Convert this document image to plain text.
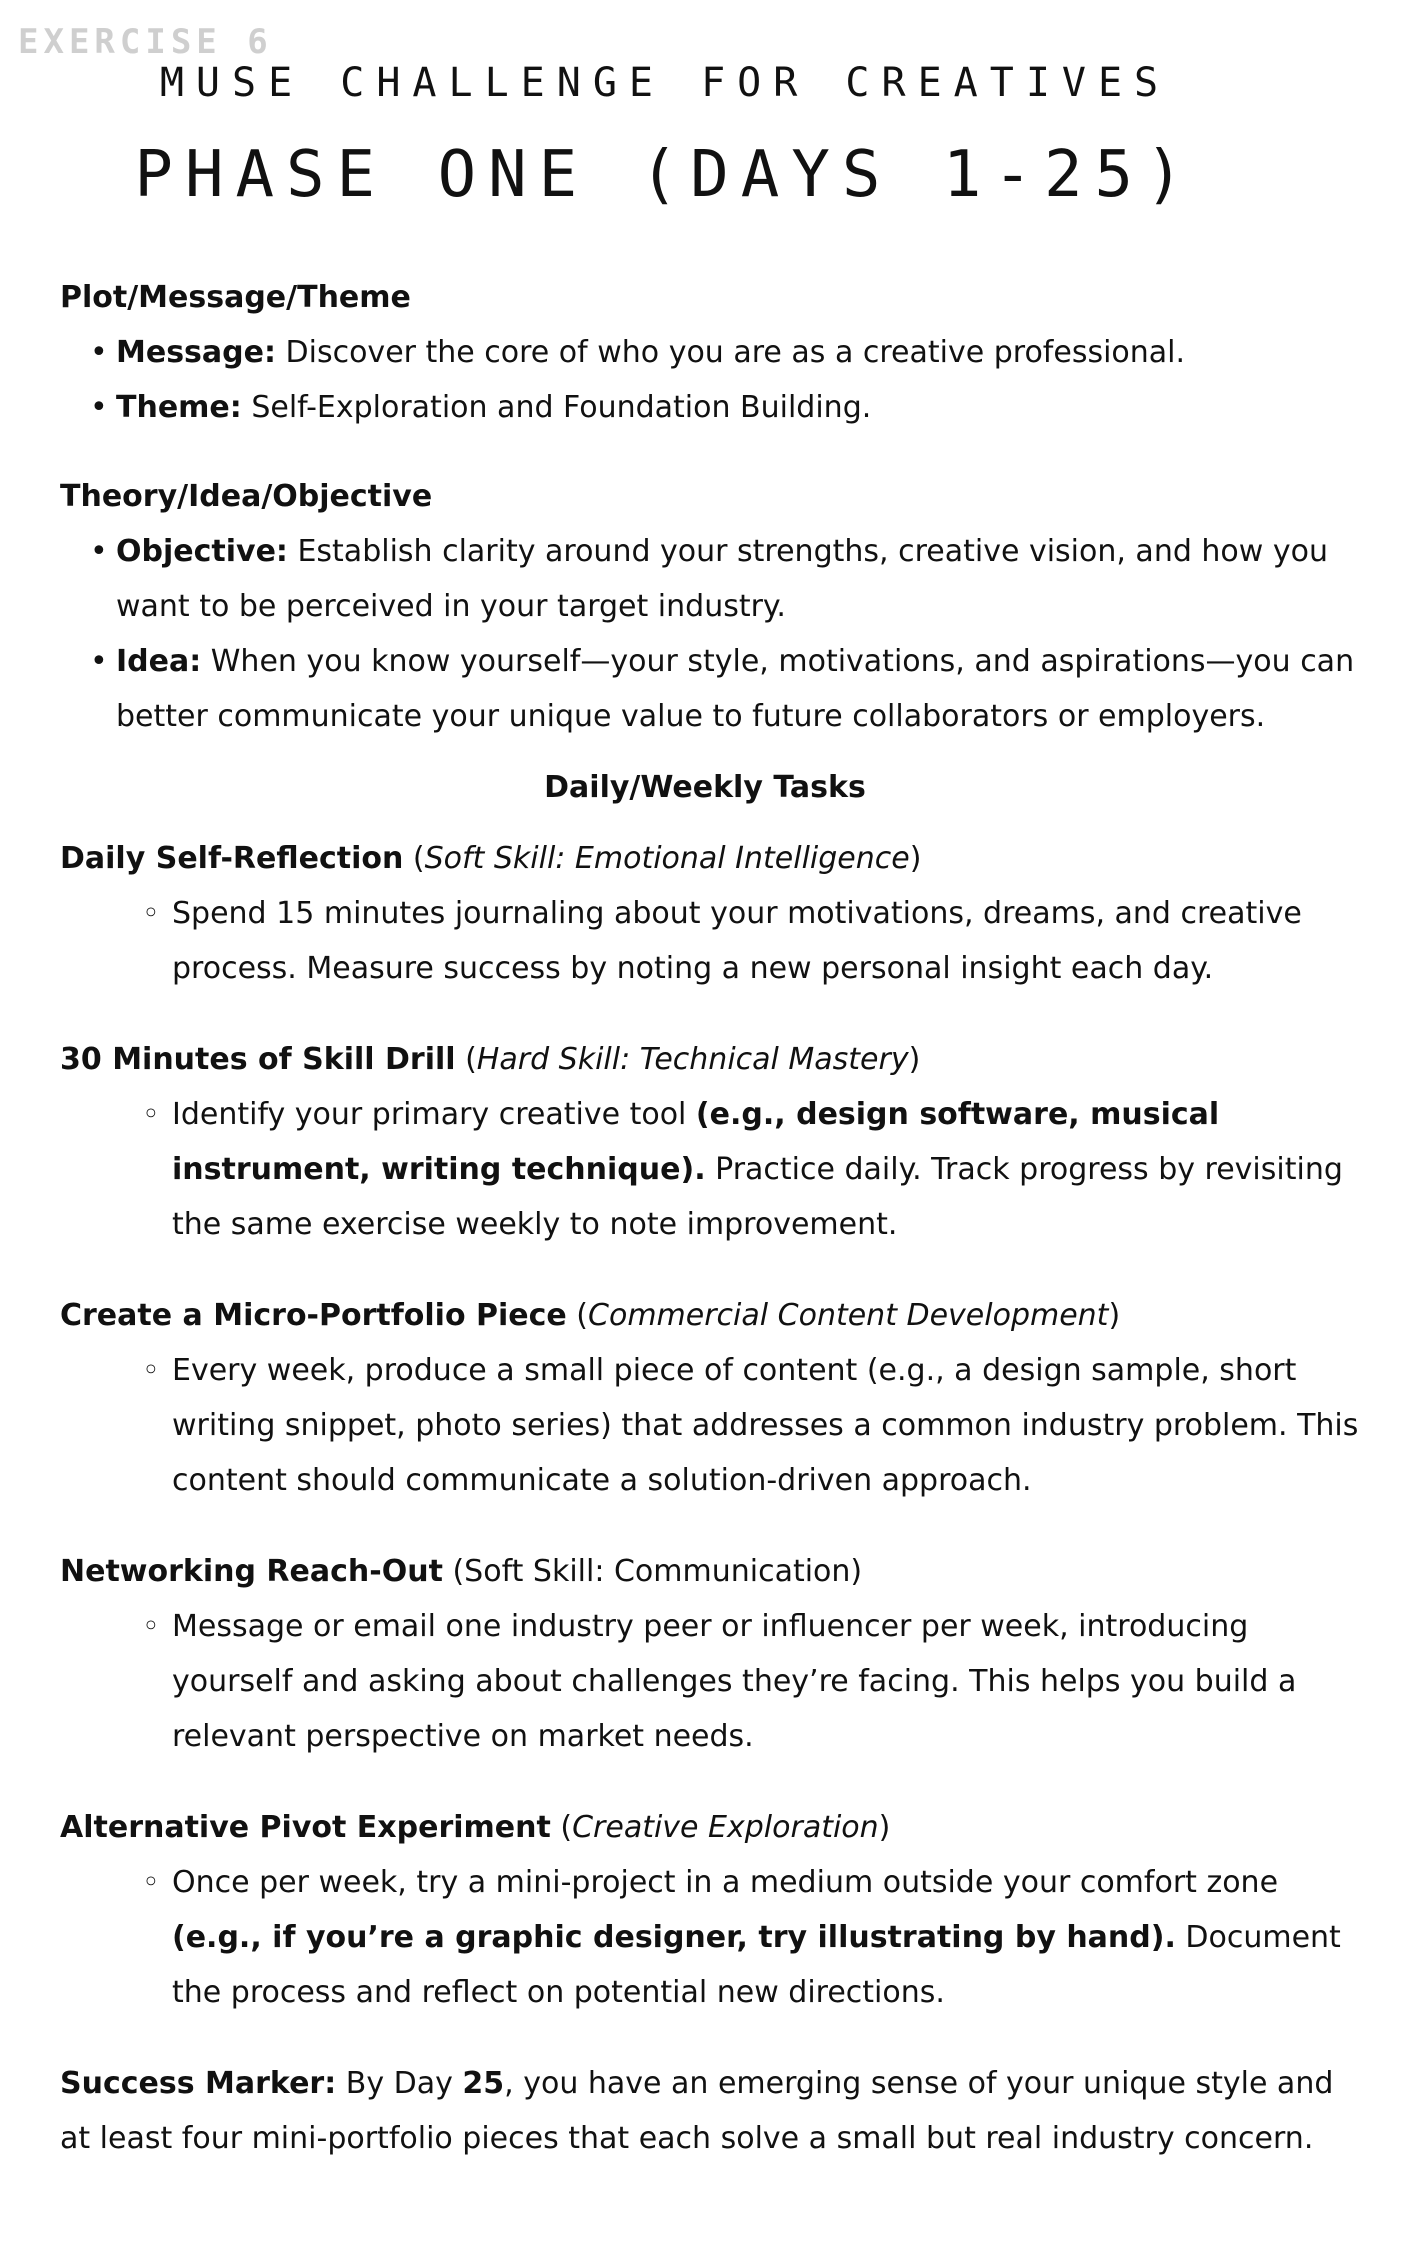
EXERCISE 6
MUSE CHALLENGE FOR CREATIVES
PHASE ONE (DAYS 1-25)

Plot/Message/Theme

• Message: Discover the core of who you are as a creative professional.
• Theme: Self-Exploration and Foundation Building.

Theory/Idea/Objective

• Objective: Establish clarity around your strengths, creative vision, and how you want to be perceived in your target industry.
• Idea: When you know yourself—your style, motivations, and aspirations—you can better communicate your unique value to future collaborators or employers.

Daily/Weekly Tasks

Daily Self-Reflection (Soft Skill: Emotional Intelligence)

◦ Spend 15 minutes journaling about your motivations, dreams, and creative process. Measure success by noting a new personal insight each day.

30 Minutes of Skill Drill (Hard Skill: Technical Mastery)

◦ Identify your primary creative tool (e.g., design software, musical instrument, writing technique). Practice daily. Track progress by revisiting the same exercise weekly to note improvement.

Create a Micro-Portfolio Piece (Commercial Content Development)

◦ Every week, produce a small piece of content (e.g., a design sample, short writing snippet, photo series) that addresses a common industry problem. This content should communicate a solution-driven approach.

Networking Reach-Out (Soft Skill: Communication)

◦ Message or email one industry peer or influencer per week, introducing yourself and asking about challenges they’re facing. This helps you build a relevant perspective on market needs.

Alternative Pivot Experiment (Creative Exploration)

◦ Once per week, try a mini-project in a medium outside your comfort zone (e.g., if you’re a graphic designer, try illustrating by hand). Document the process and reflect on potential new directions.

Success Marker: By Day 25, you have an emerging sense of your unique style and at least four mini-portfolio pieces that each solve a small but real industry concern.
